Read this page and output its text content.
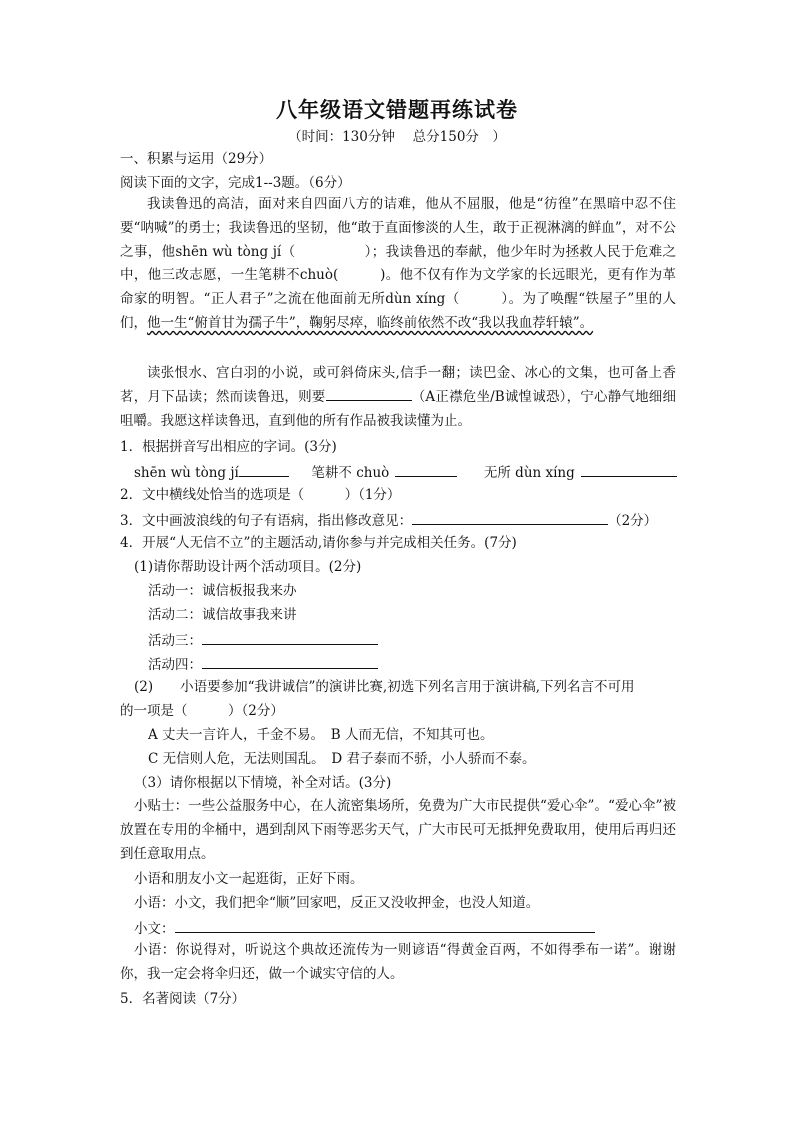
八年级语文错题再练试卷
（时间：130分钟　 总分150分　）
一、积累与运用（29分）
阅读下面的文字，完成1--3题。（6分）
我读鲁迅的高洁，面对来自四面八方的诘难，他从不屈服，他是“彷徨”在黑暗中忍不住要“呐喊”的勇士；我读鲁迅的坚韧，他“敢于直面惨淡的人生，敢于正视淋漓的鲜血”，对不公之事，他shēn wù tòng jí（　　　　　）；我读鲁迅的奉献，他少年时为拯救人民于危难之中，他三改志愿，一生笔耕不chuò(　　　)。他不仅有作为文学家的长远眼光，更有作为革命家的明智。“正人君子”之流在他面前无所dùn xíng（　　　）。为了唤醒“铁屋子”里的人们，他一生“俯首甘为孺子牛”，鞠躬尽瘁，临终前依然不改“我以我血荐轩辕”。
读张恨水、宫白羽的小说，或可斜倚床头,信手一翻；读巴金、冰心的文集，也可备上香茗，月下品读；然而读鲁迅，则要	（A正襟危坐/B诚惶诚恐），宁心静气地细细咀嚼。我愿这样读鲁迅，直到他的所有作品被我读懂为止。
1．根据拼音写出相应的字词。(3分)
shēn wù tòng jí	笔耕不 chuò	无所 dùn xíng
2．文中横线处恰当的选项是（　　　）（1分）
3．文中画波浪线的句子有语病，指出修改意见：	（2分）
4．开展“人无信不立”的主题活动,请你参与并完成相关任务。(7分)
(1)请你帮助设计两个活动项目。(2分)
活动一：诚信板报我来办
活动二：诚信故事我来讲
活动三：
活动四：
(2)　　小语要参加“我讲诚信”的演讲比赛,初选下列名言用于演讲稿,下列名言不可用
的一项是（　　　）（2分）
A 丈夫一言许人，千金不易。　B 人而无信，不知其可也。
C 无信则人危，无法则国乱。　D 君子泰而不骄，小人骄而不泰。
（3）请你根据以下情境，补全对话。(3分)
小贴士：一些公益服务中心，在人流密集场所，免费为广大市民提供“爱心伞”。“爱心伞”被放置在专用的伞桶中，遇到刮风下雨等恶劣天气，广大市民可无抵押免费取用，使用后再归还到任意取用点。
小语和朋友小文一起逛街，正好下雨。
小语：小文，我们把伞“顺”回家吧，反正又没收押金，也没人知道。
小文：
小语：你说得对，听说这个典故还流传为一则谚语“得黄金百两，不如得季布一诺”。谢谢你，我一定会将伞归还，做一个诚实守信的人。
5．名著阅读（7分）
